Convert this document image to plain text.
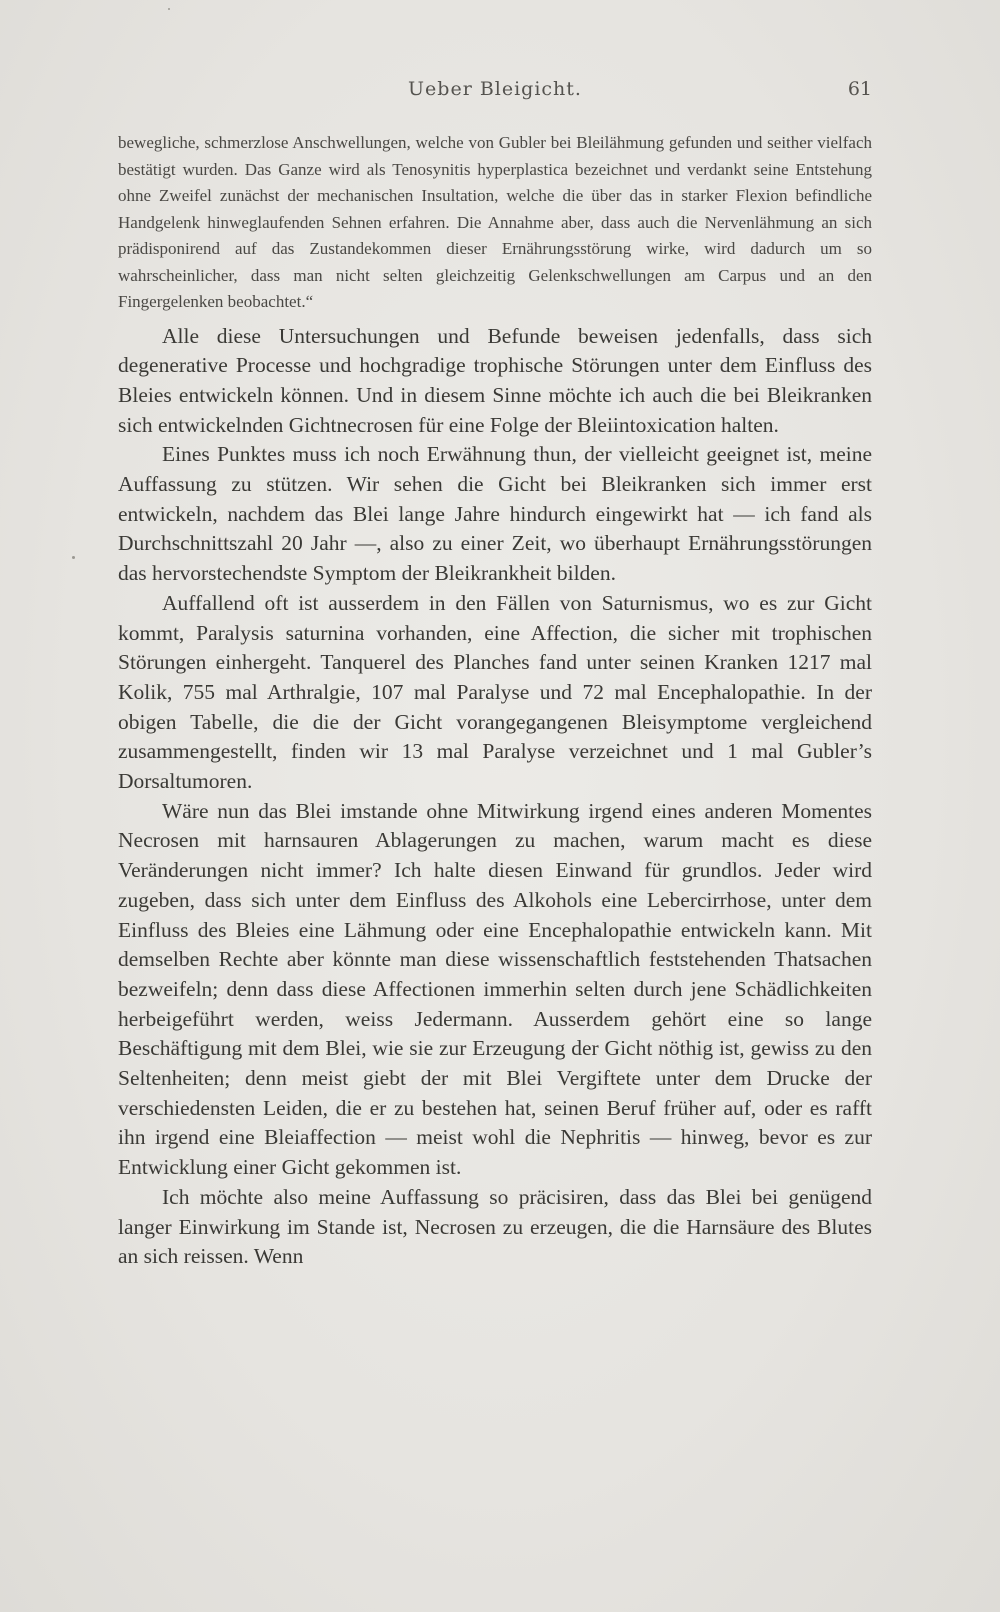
Ueber Bleigicht.	61

bewegliche, schmerzlose Anschwellungen, welche von Gubler bei Bleilähmung gefunden und seither vielfach bestätigt wurden. Das Ganze wird als Tenosynitis hyperplastica bezeichnet und verdankt seine Entstehung ohne Zweifel zunächst der mechanischen Insultation, welche die über das in starker Flexion befindliche Handgelenk hinweglaufenden Sehnen erfahren. Die Annahme aber, dass auch die Nervenlähmung an sich prädisponirend auf das Zustandekommen dieser Ernährungsstörung wirke, wird dadurch um so wahrscheinlicher, dass man nicht selten gleichzeitig Gelenkschwellungen am Carpus und an den Fingergelenken beobachtet.“

Alle diese Untersuchungen und Befunde beweisen jedenfalls, dass sich degenerative Processe und hochgradige trophische Störungen unter dem Einfluss des Bleies entwickeln können. Und in diesem Sinne möchte ich auch die bei Bleikranken sich entwickelnden Gichtnecrosen für eine Folge der Bleiintoxication halten.

Eines Punktes muss ich noch Erwähnung thun, der vielleicht geeignet ist, meine Auffassung zu stützen. Wir sehen die Gicht bei Bleikranken sich immer erst entwickeln, nachdem das Blei lange Jahre hindurch eingewirkt hat — ich fand als Durchschnittszahl 20 Jahr —, also zu einer Zeit, wo überhaupt Ernährungsstörungen das hervorstechendste Symptom der Bleikrankheit bilden.

Auffallend oft ist ausserdem in den Fällen von Saturnismus, wo es zur Gicht kommt, Paralysis saturnina vorhanden, eine Affection, die sicher mit trophischen Störungen einhergeht. Tanquerel des Planches fand unter seinen Kranken 1217 mal Kolik, 755 mal Arthralgie, 107 mal Paralyse und 72 mal Encephalopathie. In der obigen Tabelle, die die der Gicht vorangegangenen Bleisymptome vergleichend zusammengestellt, finden wir 13 mal Paralyse verzeichnet und 1 mal Gubler’s Dorsaltumoren.

Wäre nun das Blei imstande ohne Mitwirkung irgend eines anderen Momentes Necrosen mit harnsauren Ablagerungen zu machen, warum macht es diese Veränderungen nicht immer? Ich halte diesen Einwand für grundlos. Jeder wird zugeben, dass sich unter dem Einfluss des Alkohols eine Lebercirrhose, unter dem Einfluss des Bleies eine Lähmung oder eine Encephalopathie entwickeln kann. Mit demselben Rechte aber könnte man diese wissenschaftlich feststehenden Thatsachen bezweifeln; denn dass diese Affectionen immerhin selten durch jene Schädlichkeiten herbeigeführt werden, weiss Jedermann. Ausserdem gehört eine so lange Beschäftigung mit dem Blei, wie sie zur Erzeugung der Gicht nöthig ist, gewiss zu den Seltenheiten; denn meist giebt der mit Blei Vergiftete unter dem Drucke der verschiedensten Leiden, die er zu bestehen hat, seinen Beruf früher auf, oder es rafft ihn irgend eine Bleiaffection — meist wohl die Nephritis — hinweg, bevor es zur Entwicklung einer Gicht gekommen ist.

Ich möchte also meine Auffassung so präcisiren, dass das Blei bei genügend langer Einwirkung im Stande ist, Necrosen zu erzeugen, die die Harnsäure des Blutes an sich reissen. Wenn
